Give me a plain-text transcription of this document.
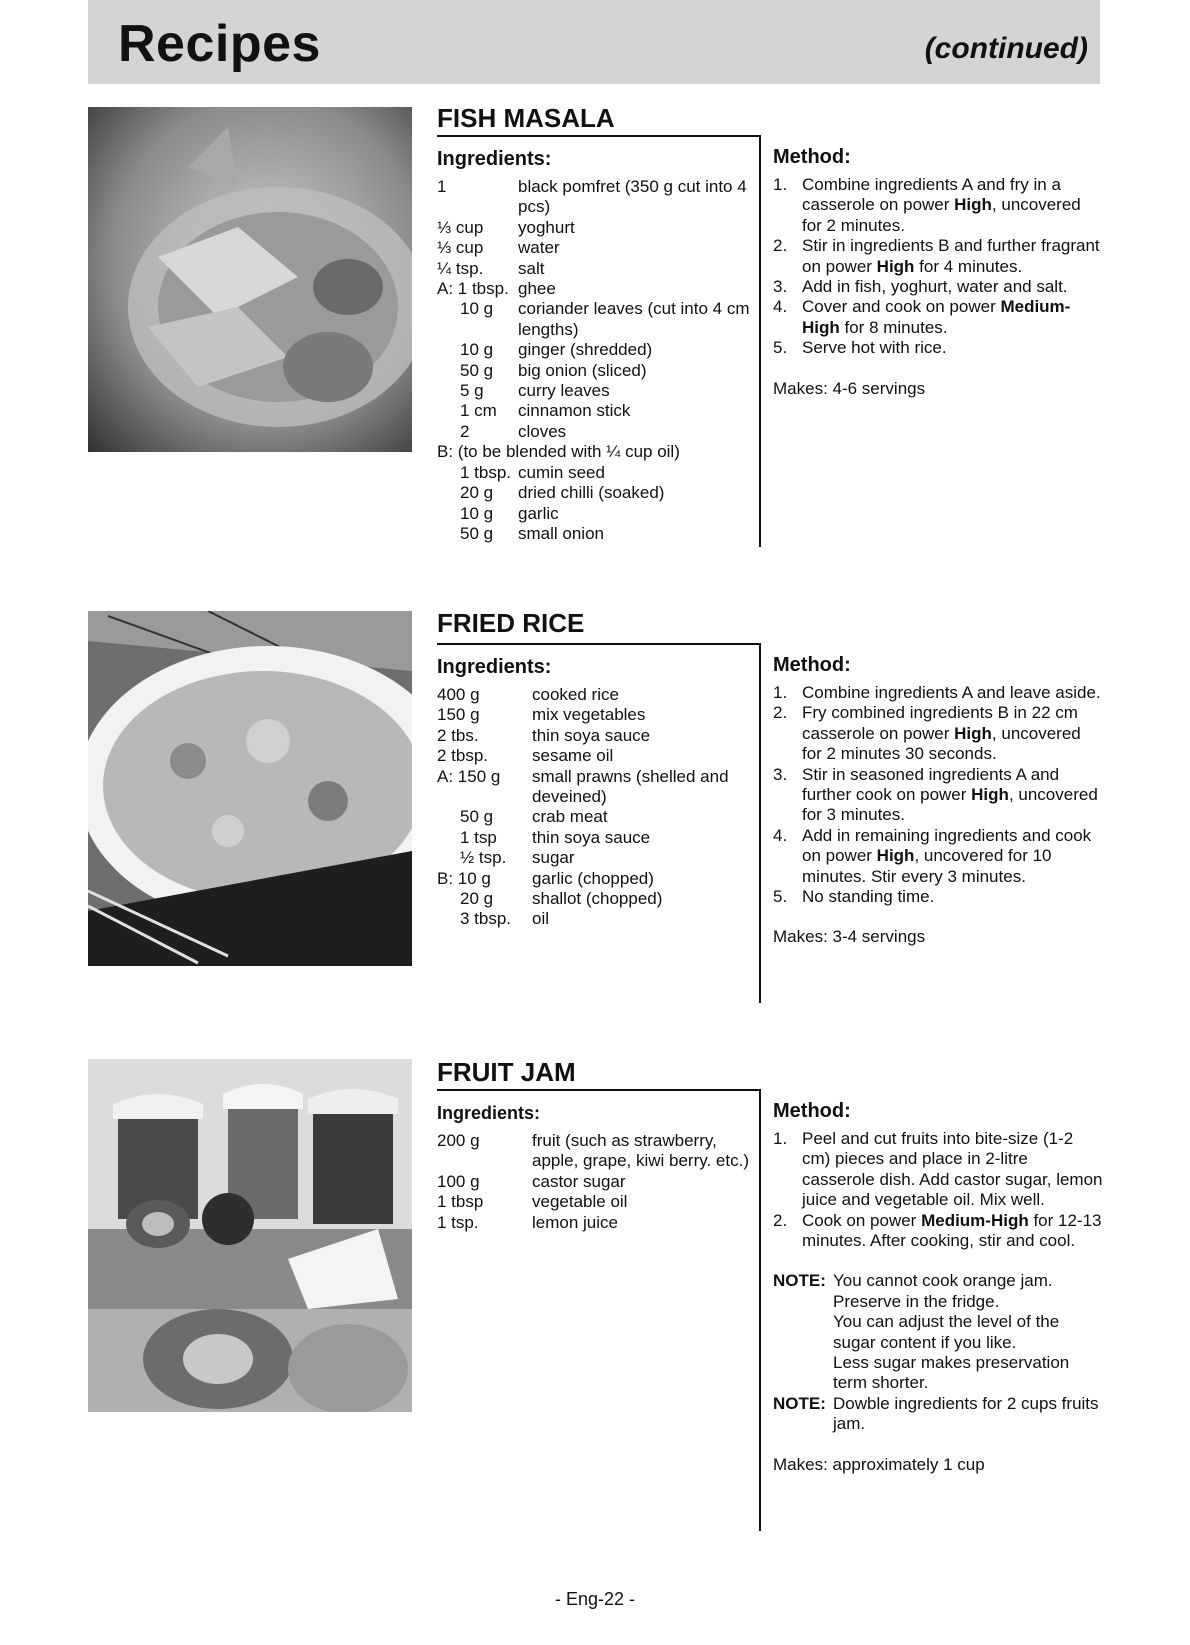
Recipes	(continued)
FISH MASALA
Ingredients:
1	black pomfret (350 g cut into 4 pcs)
⅓ cup	yoghurt
⅓ cup	water
¼ tsp.	salt
A: 1 tbsp. ghee
10 g	coriander leaves (cut into 4 cm lengths)
10 g	ginger (shredded)
50 g	big onion (sliced)
5 g	curry leaves
1 cm	cinnamon stick
2	cloves
B: (to be blended with ¼ cup oil)
1 tbsp. cumin seed
20 g	dried chilli (soaked)
10 g	garlic
50 g	small onion
Method:
1. Combine ingredients A and fry in a casserole on power High, uncovered for 2 minutes.
2. Stir in ingredients B and further fragrant on power High for 4 minutes.
3. Add in fish, yoghurt, water and salt.
4. Cover and cook on power Medium-High for 8 minutes.
5. Serve hot with rice.
Makes: 4-6 servings
FRIED RICE
Ingredients:
400 g	cooked rice
150 g	mix vegetables
2 tbs.	thin soya sauce
2 tbsp.	sesame oil
A: 150 g	small prawns (shelled and deveined)
50 g	crab meat
1 tsp	thin soya sauce
½ tsp.	sugar
B: 10 g	garlic (chopped)
20 g	shallot (chopped)
3 tbsp.	oil
Method:
1. Combine ingredients A and leave aside.
2. Fry combined ingredients B in 22 cm casserole on power High, uncovered for 2 minutes 30 seconds.
3. Stir in seasoned ingredients A and further cook on power High, uncovered for 3 minutes.
4. Add in remaining ingredients and cook on power High, uncovered for 10 minutes. Stir every 3 minutes.
5. No standing time.
Makes: 3-4 servings
FRUIT JAM
Ingredients:
200 g	fruit (such as strawberry, apple, grape, kiwi berry. etc.)
100 g	castor sugar
1 tbsp	vegetable oil
1 tsp.	lemon juice
Method:
1. Peel and cut fruits into bite-size (1-2 cm) pieces and place in 2-litre casserole dish. Add castor sugar, lemon juice and vegetable oil. Mix well.
2. Cook on power Medium-High for 12-13 minutes. After cooking, stir and cool.
NOTE: You cannot cook orange jam.
Preserve in the fridge.
You can adjust the level of the sugar content if you like.
Less sugar makes preservation term shorter.
NOTE: Dowble ingredients for 2 cups fruits jam.
Makes: approximately 1 cup
- Eng-22 -
